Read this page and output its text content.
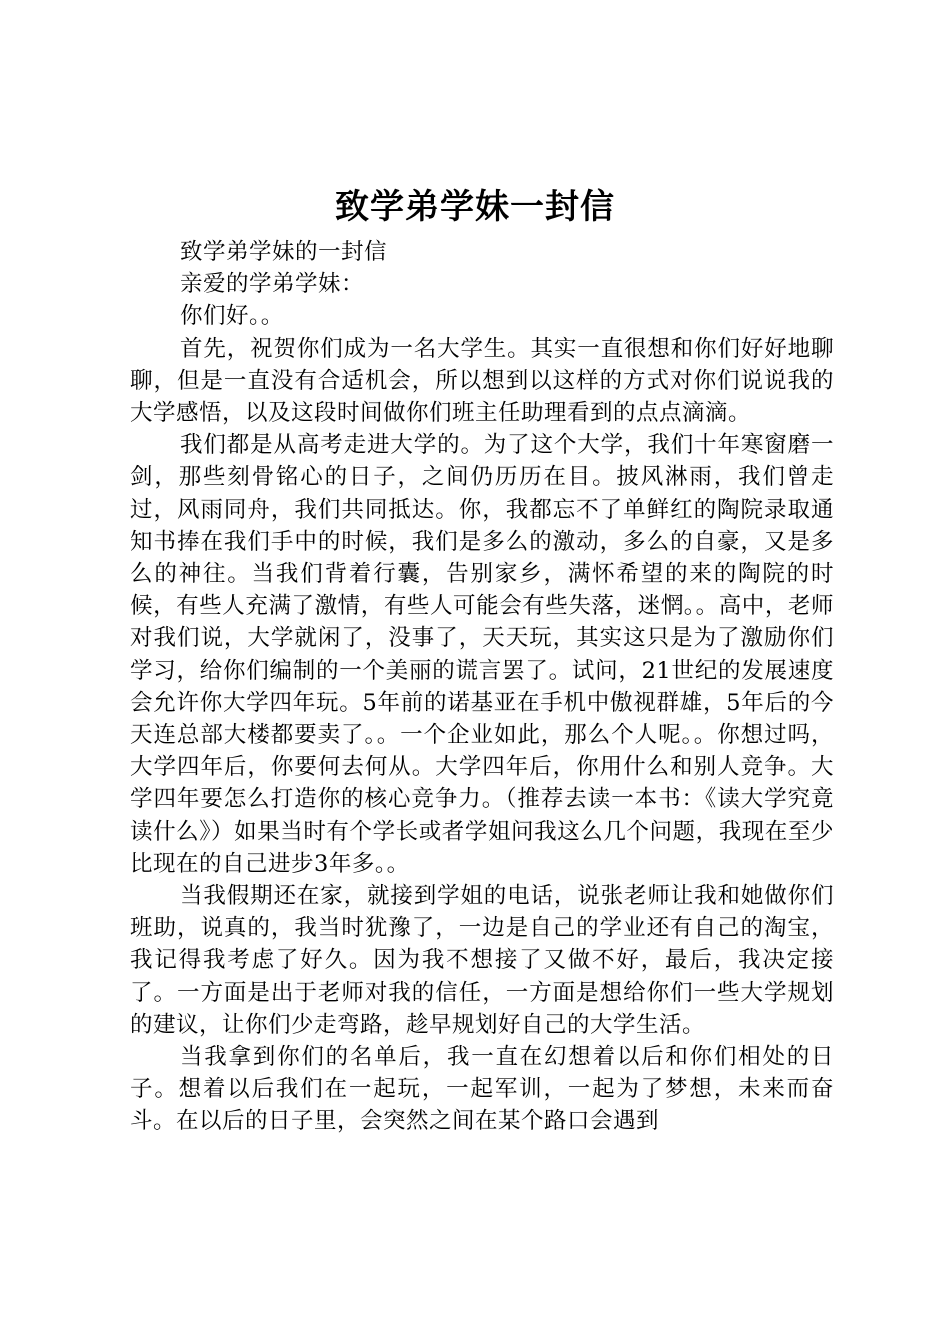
致学弟学妹一封信

致学弟学妹的一封信

亲爱的学弟学妹：

你们好。。

首先，祝贺你们成为一名大学生。其实一直很想和你们好好地聊聊，但是一直没有合适机会，所以想到以这样的方式对你们说说我的大学感悟，以及这段时间做你们班主任助理看到的点点滴滴。

我们都是从高考走进大学的。为了这个大学，我们十年寒窗磨一剑，那些刻骨铭心的日子，之间仍历历在目。披风淋雨，我们曾走过，风雨同舟，我们共同抵达。你，我都忘不了单鲜红的陶院录取通知书捧在我们手中的时候，我们是多么的激动，多么的自豪，又是多么的神往。当我们背着行囊，告别家乡，满怀希望的来的陶院的时候，有些人充满了激情，有些人可能会有些失落，迷惘。。高中，老师对我们说，大学就闲了，没事了，天天玩，其实这只是为了激励你们学习，给你们编制的一个美丽的谎言罢了。试问，21世纪的发展速度会允许你大学四年玩。5年前的诺基亚在手机中傲视群雄，5年后的今天连总部大楼都要卖了。。一个企业如此，那么个人呢。。你想过吗，大学四年后，你要何去何从。大学四年后，你用什么和别人竞争。大学四年要怎么打造你的核心竞争力。（推荐去读一本书：《读大学究竟读什么》）如果当时有个学长或者学姐问我这么几个问题，我现在至少比现在的自己进步3年多。。

当我假期还在家，就接到学姐的电话，说张老师让我和她做你们班助，说真的，我当时犹豫了，一边是自己的学业还有自己的淘宝，我记得我考虑了好久。因为我不想接了又做不好，最后，我决定接了。一方面是出于老师对我的信任，一方面是想给你们一些大学规划的建议，让你们少走弯路，趁早规划好自己的大学生活。

当我拿到你们的名单后，我一直在幻想着以后和你们相处的日子。想着以后我们在一起玩，一起军训，一起为了梦想，未来而奋斗。在以后的日子里，会突然之间在某个路口会遇到
